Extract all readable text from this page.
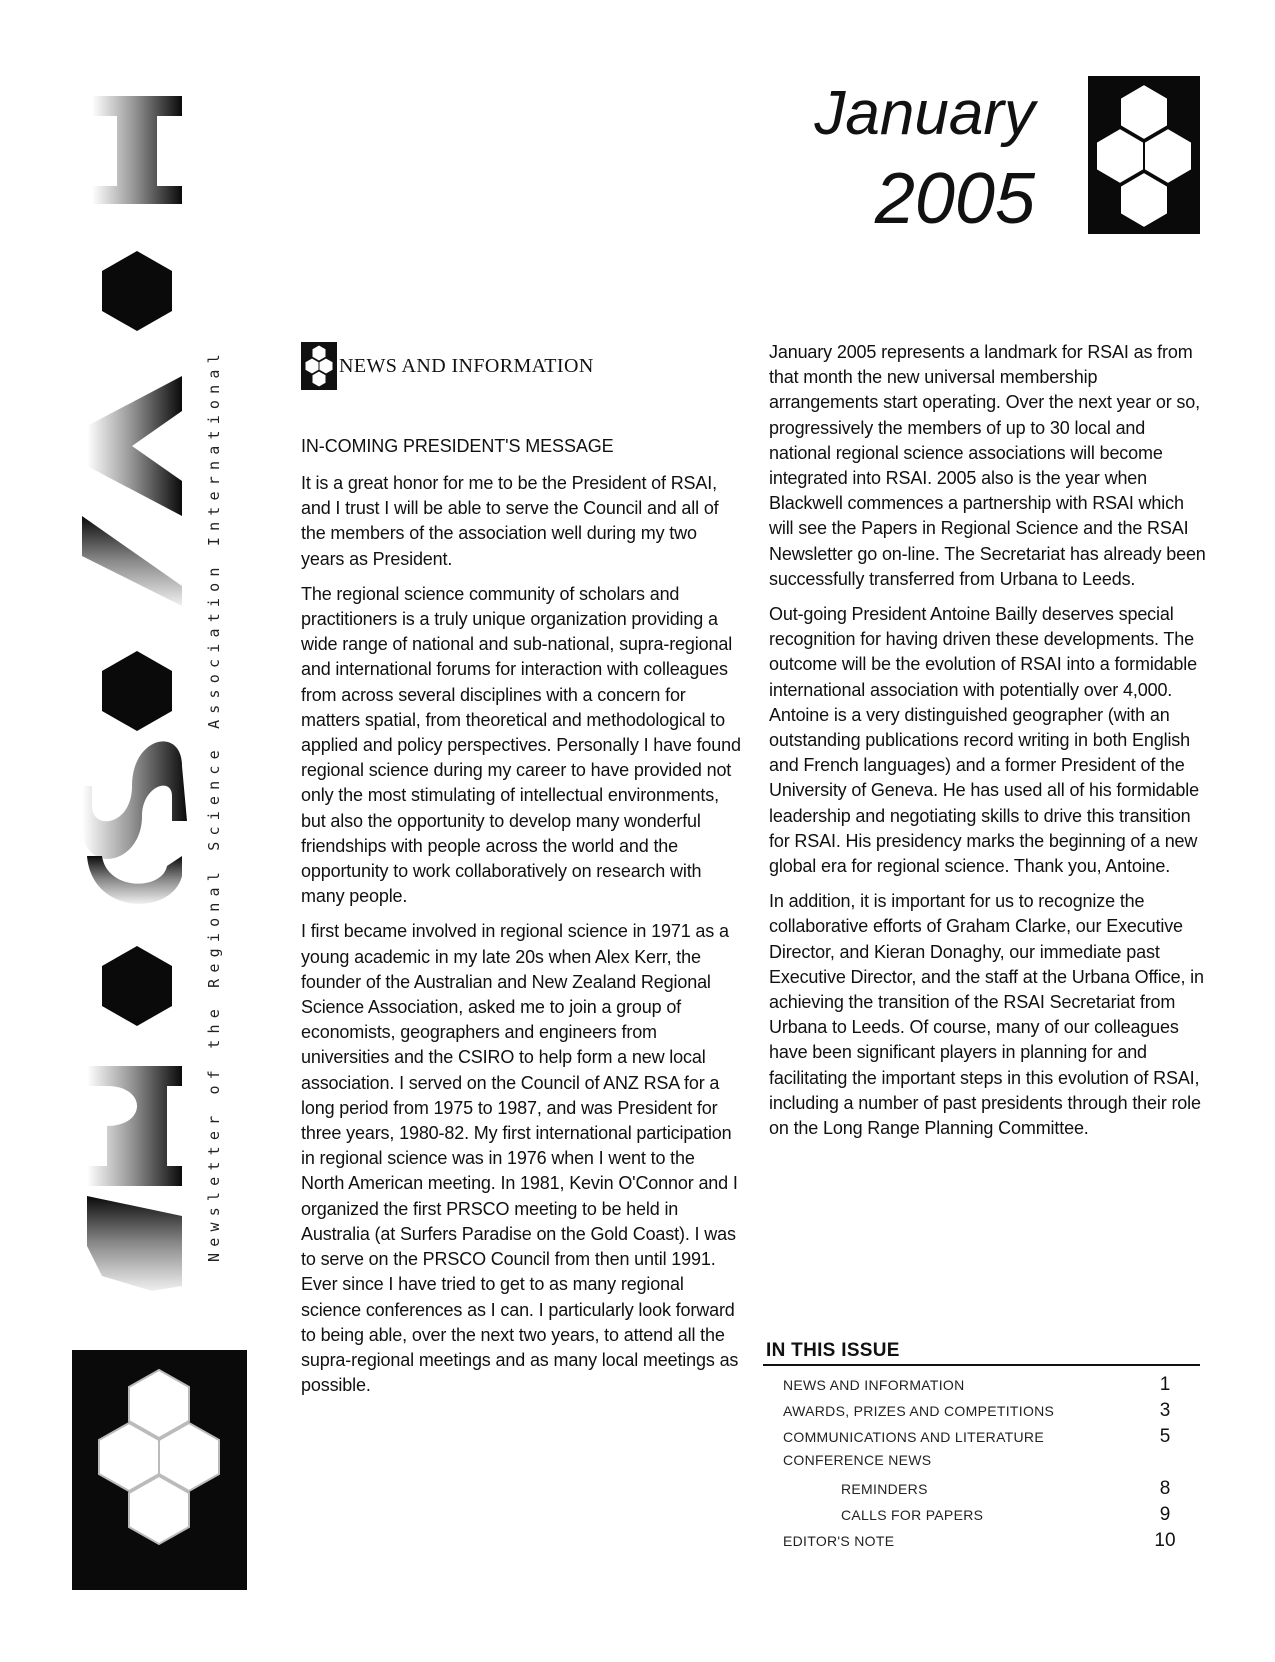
Newsletter of the Regional Science Association International
January
2005
NEWS AND INFORMATION
IN-COMING PRESIDENT'S MESSAGE

It is a great honor for me to be the President of RSAI, and I trust I will be able to serve the Council and all of the members of the association well during my two years as President.

The regional science community of scholars and practitioners is a truly unique organization providing a wide range of national and sub-national, supra-regional and international forums for interaction with colleagues from across several disciplines with a concern for matters spatial, from theoretical and methodological to applied and policy perspectives. Personally I have found regional science during my career to have provided not only the most stimulating of intellectual environments, but also the opportunity to develop many wonderful friendships with people across the world and the opportunity to work collaboratively on research with many people.

I first became involved in regional science in 1971 as a young academic in my late 20s when Alex Kerr, the founder of the Australian and New Zealand Regional Science Association, asked me to join a group of economists, geographers and engineers from universities and the CSIRO to help form a new local association. I served on the Council of ANZ RSA for a long period from 1975 to 1987, and was President for three years, 1980-82. My first international participation in regional science was in 1976 when I went to the North American meeting. In 1981, Kevin O'Connor and I organized the first PRSCO meeting to be held in Australia (at Surfers Paradise on the Gold Coast). I was to serve on the PRSCO Council from then until 1991. Ever since I have tried to get to as many regional science conferences as I can. I particularly look forward to being able, over the next two years, to attend all the supra-regional meetings and as many local meetings as possible.

January 2005 represents a landmark for RSAI as from that month the new universal membership arrangements start operating. Over the next year or so, progressively the members of up to 30 local and national regional science associations will become integrated into RSAI. 2005 also is the year when Blackwell commences a partnership with RSAI which will see the Papers in Regional Science and the RSAI Newsletter go on-line. The Secretariat has already been successfully transferred from Urbana to Leeds.

Out-going President Antoine Bailly deserves special recognition for having driven these developments. The outcome will be the evolution of RSAI into a formidable international association with potentially over 4,000. Antoine is a very distinguished geographer (with an outstanding publications record writing in both English and French languages) and a former President of the University of Geneva. He has used all of his formidable leadership and negotiating skills to drive this transition for RSAI. His presidency marks the beginning of a new global era for regional science. Thank you, Antoine.

In addition, it is important for us to recognize the collaborative efforts of Graham Clarke, our Executive Director, and Kieran Donaghy, our immediate past Executive Director, and the staff at the Urbana Office, in achieving the transition of the RSAI Secretariat from Urbana to Leeds. Of course, many of our colleagues have been significant players in planning for and facilitating the important steps in this evolution of RSAI, including a number of past presidents through their role on the Long Range Planning Committee.

IN THIS ISSUE
NEWS AND INFORMATION	1
AWARDS, PRIZES AND COMPETITIONS	3
COMMUNICATIONS AND LITERATURE	5
CONFERENCE NEWS
REMINDERS	8
CALLS FOR PAPERS	9
EDITOR'S NOTE	10
